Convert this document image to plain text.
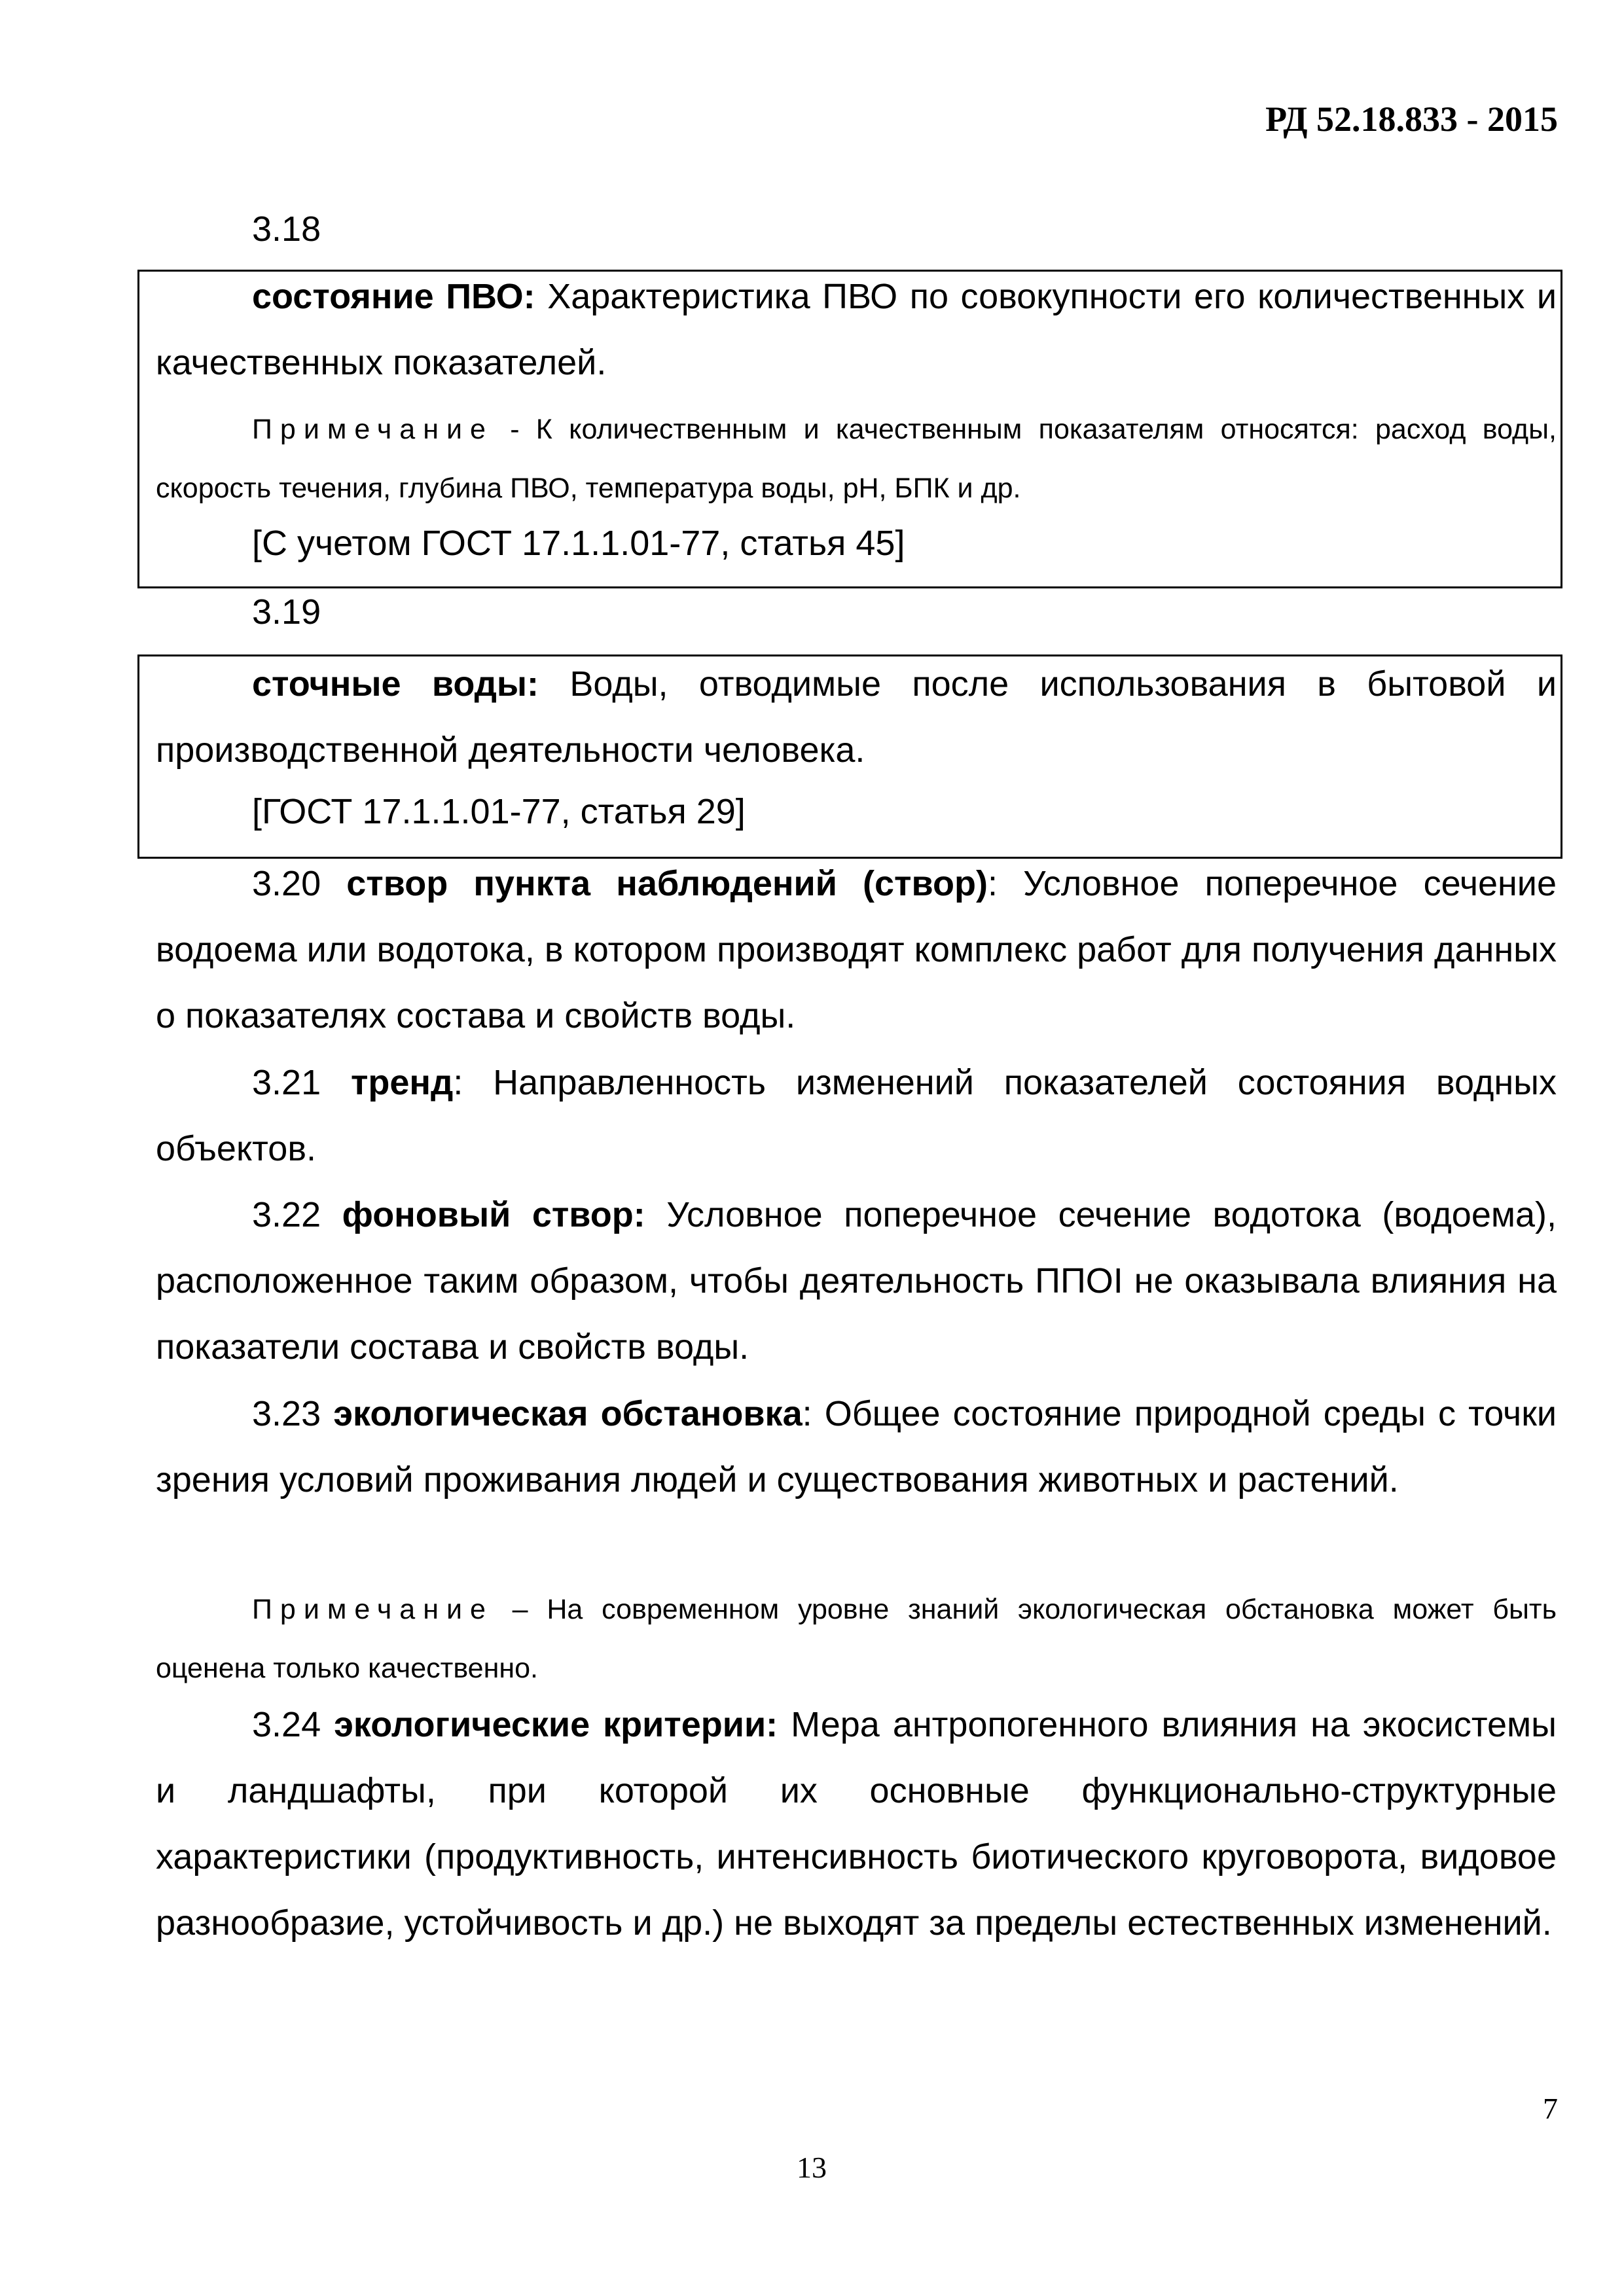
РД 52.18.833 - 2015
3.18

состояние ПВО: Характеристика ПВО по совокупности его количественных и качественных показателей.

Примечание - К количественным и качественным показателям относятся: расход воды, скорость течения, глубина ПВО, температура воды, рН, БПК и др.

[С учетом ГОСТ 17.1.1.01-77, статья 45]
3.19

сточные воды: Воды, отводимые после использования в бытовой и производственной деятельности человека.

[ГОСТ 17.1.1.01-77, статья 29]

3.20 створ пункта наблюдений (створ): Условное поперечное сечение водоема или водотока, в котором производят комплекс работ для получения данных о показателях состава и свойств воды.

3.21 тренд: Направленность изменений показателей состояния водных объектов.

3.22 фоновый створ: Условное поперечное сечение водотока (водоема), расположенное таким образом, чтобы деятельность ППОI не оказывала влияния на показатели состава и свойств воды.

3.23 экологическая обстановка: Общее состояние природной среды с точки зрения условий проживания людей и существования животных и растений.

Примечание – На современном уровне знаний экологическая обстановка может быть оценена только качественно.

3.24 экологические критерии: Мера антропогенного влияния на экосистемы и ландшафты, при которой их основные функционально-структурные характеристики (продуктивность, интенсивность биотического круговорота, видовое разнообразие, устойчивость и др.) не выходят за пределы естественных изменений.

7
13
